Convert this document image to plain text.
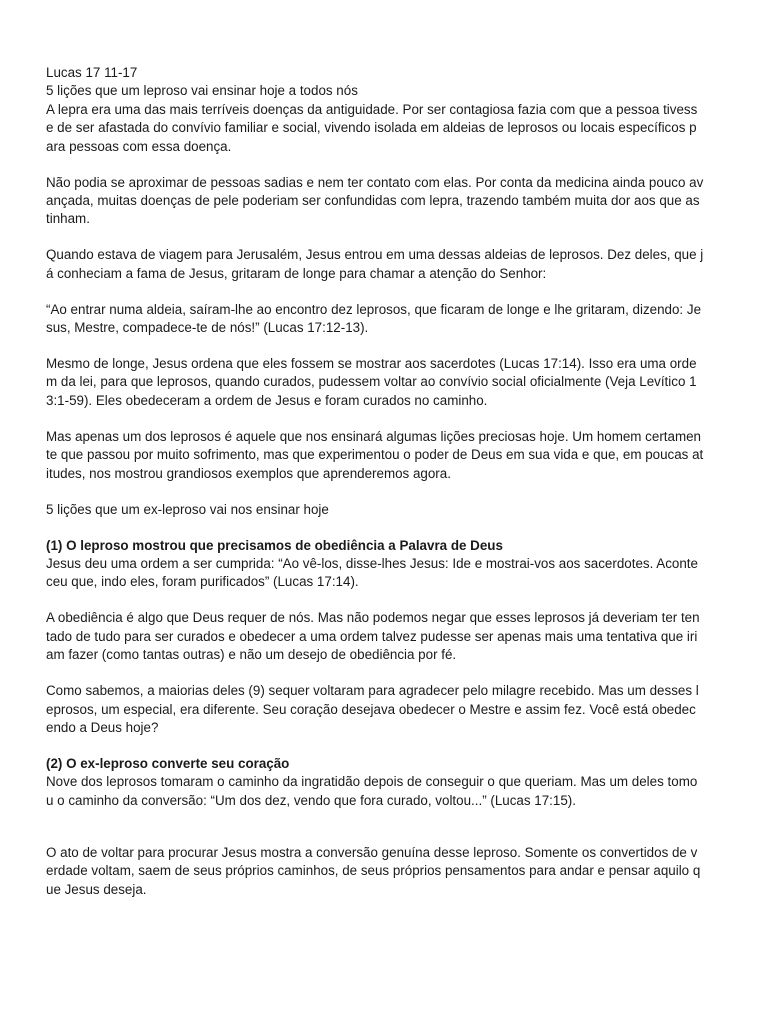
Lucas 17 11-17
5 lições que um leproso vai ensinar hoje a todos nós
A lepra era uma das mais terríveis doenças da antiguidade. Por ser contagiosa fazia com que a pessoa tivess
e de ser afastada do convívio familiar e social, vivendo isolada em aldeias de leprosos ou locais específicos p
ara pessoas com essa doença.
Não podia se aproximar de pessoas sadias e nem ter contato com elas. Por conta da medicina ainda pouco av
ançada, muitas doenças de pele poderiam ser confundidas com lepra, trazendo também muita dor aos que as
tinham.
Quando estava de viagem para Jerusalém, Jesus entrou em uma dessas aldeias de leprosos. Dez deles, que j
á conheciam a fama de Jesus, gritaram de longe para chamar a atenção do Senhor:
“Ao entrar numa aldeia, saíram-lhe ao encontro dez leprosos, que ficaram de longe e lhe gritaram, dizendo: Je
sus, Mestre, compadece-te de nós!” (Lucas 17:12-13).
Mesmo de longe, Jesus ordena que eles fossem se mostrar aos sacerdotes (Lucas 17:14). Isso era uma orde
m da lei, para que leprosos, quando curados, pudessem voltar ao convívio social oficialmente (Veja Levítico 1
3:1-59). Eles obedeceram a ordem de Jesus e foram curados no caminho.
Mas apenas um dos leprosos é aquele que nos ensinará algumas lições preciosas hoje. Um homem certamen
te que passou por muito sofrimento, mas que experimentou o poder de Deus em sua vida e que, em poucas at
itudes, nos mostrou grandiosos exemplos que aprenderemos agora.
5 lições que um ex-leproso vai nos ensinar hoje
(1) O leproso mostrou que precisamos de obediência a Palavra de Deus
Jesus deu uma ordem a ser cumprida: “Ao vê-los, disse-lhes Jesus: Ide e mostrai-vos aos sacerdotes. Aconte
ceu que, indo eles, foram purificados” (Lucas 17:14).
A obediência é algo que Deus requer de nós. Mas não podemos negar que esses leprosos já deveriam ter ten
tado de tudo para ser curados e obedecer a uma ordem talvez pudesse ser apenas mais uma tentativa que iri
am fazer (como tantas outras) e não um desejo de obediência por fé.
Como sabemos, a maiorias deles (9) sequer voltaram para agradecer pelo milagre recebido. Mas um desses l
eprosos, um especial, era diferente. Seu coração desejava obedecer o Mestre e assim fez. Você está obedec
endo a Deus hoje?
(2) O ex-leproso converte seu coração
Nove dos leprosos tomaram o caminho da ingratidão depois de conseguir o que queriam. Mas um deles tomo
u o caminho da conversão: “Um dos dez, vendo que fora curado, voltou...” (Lucas 17:15).
O ato de voltar para procurar Jesus mostra a conversão genuína desse leproso. Somente os convertidos de v
erdade voltam, saem de seus próprios caminhos, de seus próprios pensamentos para andar e pensar aquilo q
ue Jesus deseja.
